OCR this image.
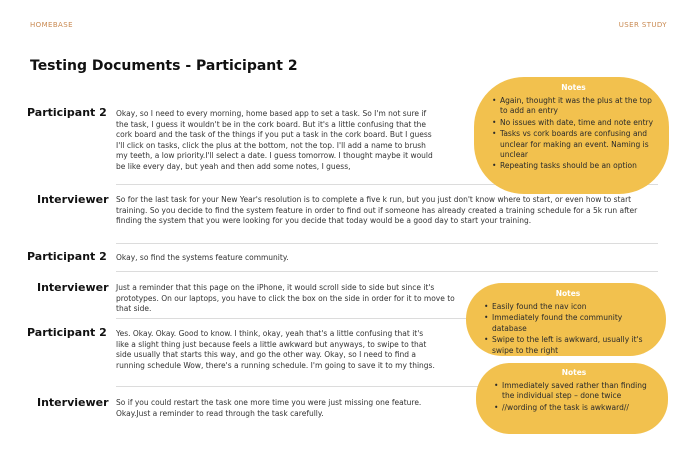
HOMEBASE	USER STUDY
Testing Documents - Participant 2
Participant 2 Okay, so I need to every morning, home based app to set a task. So I'm not sure if the task, I guess it wouldn't be in the cork board. But it's a little confusing that the cork board and the task of the things if you put a task in the cork board. But I guess I'll click on tasks, click the plus at the bottom, not the top. I'll add a name to brush my teeth, a low priority.I'll select a date. I guess tomorrow. I thought maybe it would be like every day, but yeah and then add some notes, I guess,
Interviewer So for the last task for your New Year's resolution is to complete a five k run, but you just don't know where to start, or even how to start training. So you decide to find the system feature in order to find out if someone has already created a training schedule for a 5k run after finding the system that you were looking for you decide that today would be a good day to start your training.
Participant 2 Okay, so find the systems feature community.
Interviewer Just a reminder that this page on the iPhone, it would scroll side to side but since it's prototypes. On our laptops, you have to click the box on the side in order for it to move to that side.
Participant 2 Yes. Okay. Okay. Good to know. I think, okay, yeah that's a little confusing that it's like a slight thing just because feels a little awkward but anyways, to swipe to that side usually that starts this way, and go the other way. Okay, so I need to find a running schedule Wow, there's a running schedule. I'm going to save it to my things.
Interviewer So if you could restart the task one more time you were just missing one feature. Okay.Just a reminder to read through the task carefully.
Notes
• Again, thought it was the plus at the top to add an entry
• No issues with date, time and note entry
• Tasks vs cork boards are confusing and unclear for making an event. Naming is unclear
• Repeating tasks should be an option
Notes
• Easily found the nav icon
• Immediately found the community database
• Swipe to the left is awkward, usually it's swipe to the right
Notes
• Immediately saved rather than finding the individual step – done twice
• //wording of the task is awkward//
